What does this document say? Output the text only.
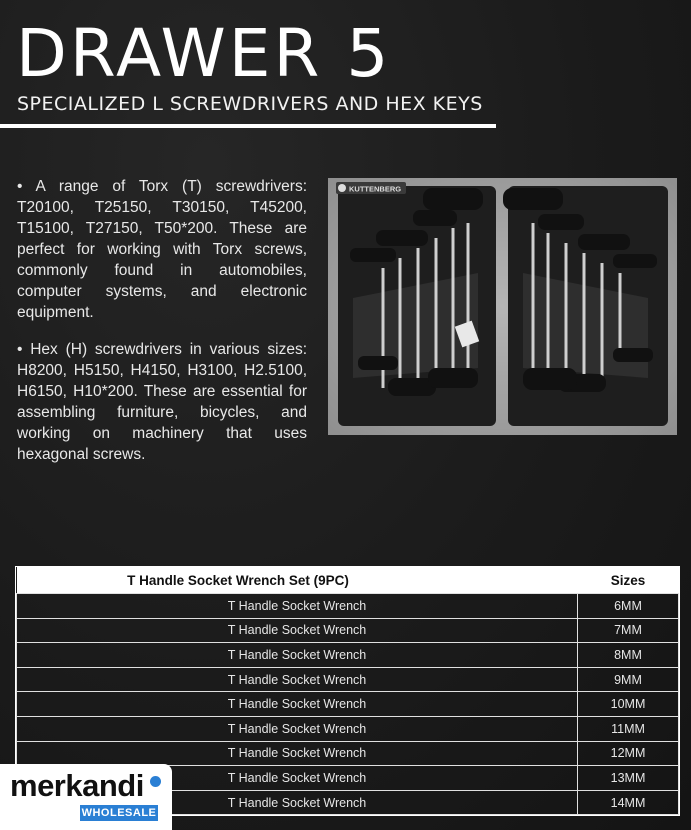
DRAWER 5
SPECIALIZED L SCREWDRIVERS AND HEX KEYS

• A range of Torx (T) screwdrivers: T20100, T25150, T30150, T45200, T15100, T27150, T50*200. These are perfect for working with Torx screws, commonly found in automobiles, computer systems, and electronic equipment.

• Hex (H) screwdrivers in various sizes: H8200, H5150, H4150, H3100, H2.5100, H6150, H10*200. These are essential for assembling furniture, bicycles, and working on machinery that uses hexagonal screws.

KUTTENBERG
T Handle Socket Wrench Set (9PC)	Sizes
T Handle Socket Wrench	6MM
T Handle Socket Wrench	7MM
T Handle Socket Wrench	8MM
T Handle Socket Wrench	9MM
T Handle Socket Wrench	10MM
T Handle Socket Wrench	11MM
T Handle Socket Wrench	12MM
T Handle Socket Wrench	13MM
T Handle Socket Wrench	14MM
merkandi
WHOLESALE
